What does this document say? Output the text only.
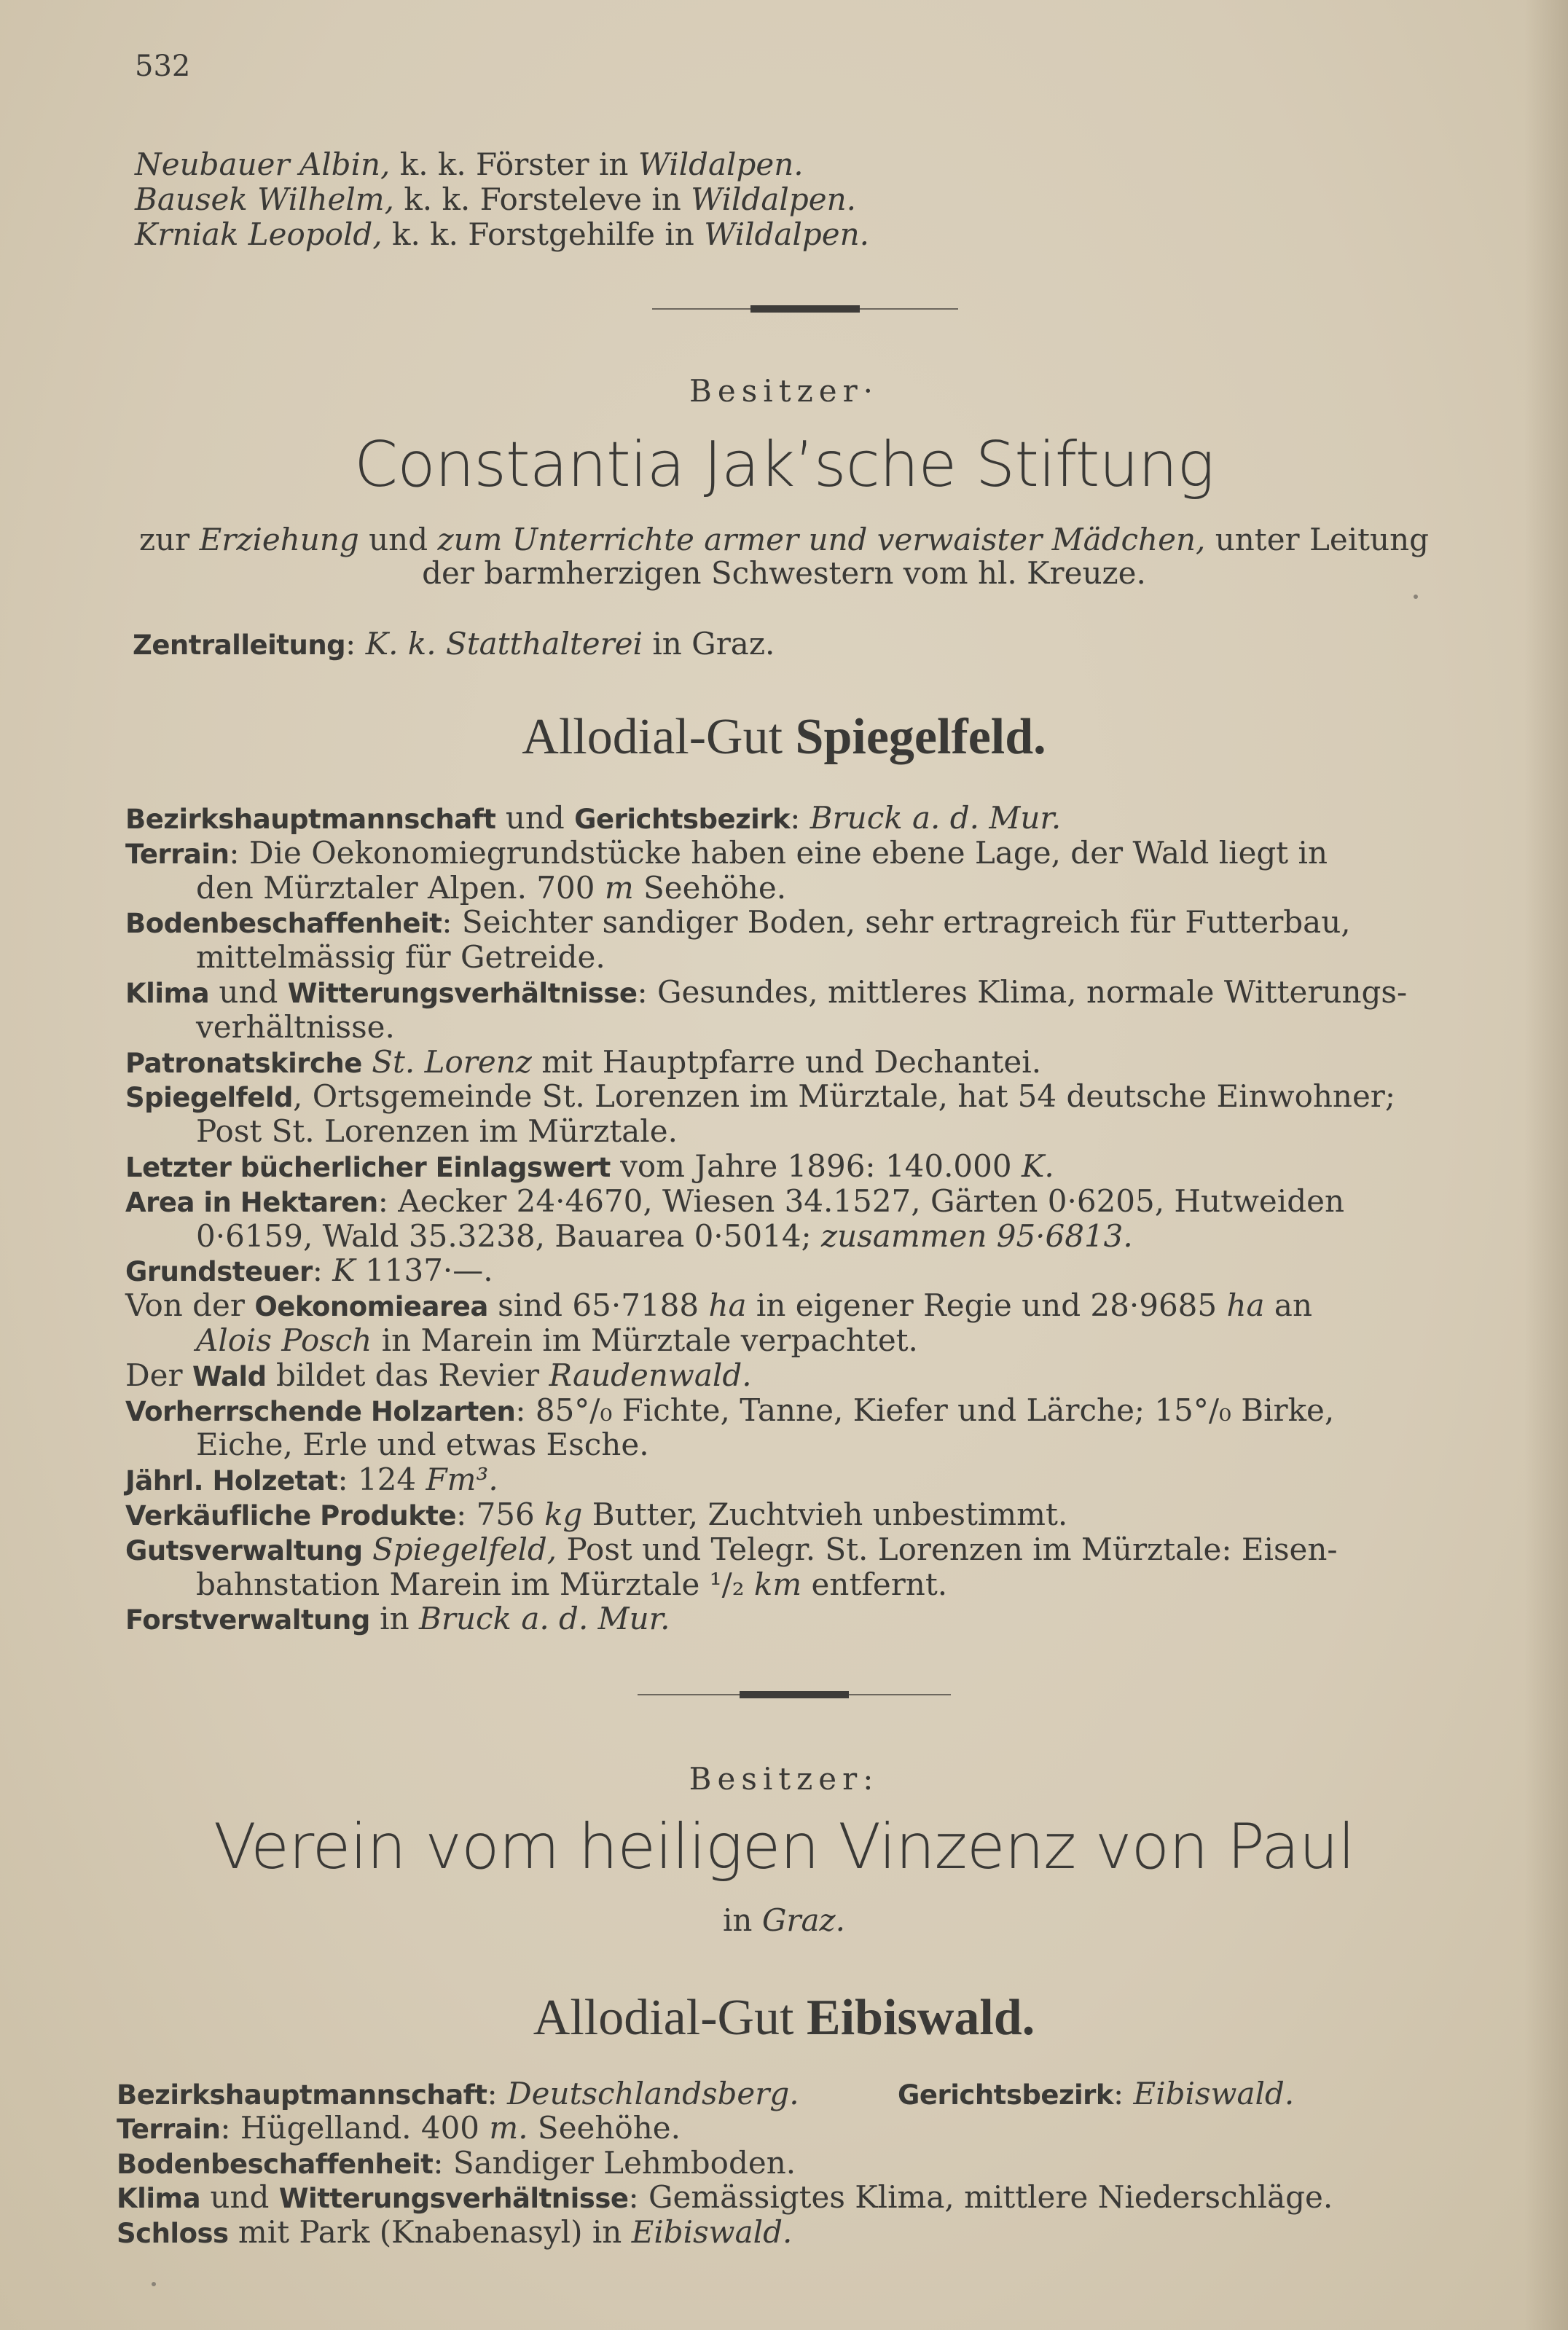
532
Neubauer Albin, k. k. Förster in Wildalpen.
Bausek Wilhelm, k. k. Forsteleve in Wildalpen.
Krniak Leopold, k. k. Forstgehilfe in Wildalpen.
Besitzer·
Constantia Jak’sche Stiftung
zur Erziehung und zum Unterrichte armer und verwaister Mädchen, unter Leitung
der barmherzigen Schwestern vom hl. Kreuze.
Zentralleitung: K. k. Statthalterei in Graz.
Allodial-Gut Spiegelfeld.
Bezirkshauptmannschaft und Gerichtsbezirk: Bruck a. d. Mur.
Terrain: Die Oekonomiegrundstücke haben eine ebene Lage, der Wald liegt in
den Mürztaler Alpen. 700 m Seehöhe.
Bodenbeschaffenheit: Seichter sandiger Boden, sehr ertragreich für Futterbau,
mittelmässig für Getreide.
Klima und Witterungsverhältnisse: Gesundes, mittleres Klima, normale Witterungs-
verhältnisse.
Patronatskirche St. Lorenz mit Hauptpfarre und Dechantei.
Spiegelfeld, Ortsgemeinde St. Lorenzen im Mürztale, hat 54 deutsche Einwohner;
Post St. Lorenzen im Mürztale.
Letzter bücherlicher Einlagswert vom Jahre 1896: 140.000 K.
Area in Hektaren: Aecker 24·4670, Wiesen 34.1527, Gärten 0·6205, Hutweiden
0·6159, Wald 35.3238, Bauarea 0·5014; zusammen 95·6813.
Grundsteuer: K 1137·—.
Von der Oekonomiearea sind 65·7188 ha in eigener Regie und 28·9685 ha an
Alois Posch in Marein im Mürztale verpachtet.
Der Wald bildet das Revier Raudenwald.
Vorherrschende Holzarten: 85°/₀ Fichte, Tanne, Kiefer und Lärche; 15°/₀ Birke,
Eiche, Erle und etwas Esche.
Jährl. Holzetat: 124 Fm³.
Verkäufliche Produkte: 756 kg Butter, Zuchtvieh unbestimmt.
Gutsverwaltung Spiegelfeld, Post und Telegr. St. Lorenzen im Mürztale: Eisen-
bahnstation Marein im Mürztale ¹/₂ km entfernt.
Forstverwaltung in Bruck a. d. Mur.
Besitzer:
Verein vom heiligen Vinzenz von Paul
in Graz.
Allodial-Gut Eibiswald.
Bezirkshauptmannschaft: Deutschlandsberg.	Gerichtsbezirk: Eibiswald.
Terrain: Hügelland. 400 m. Seehöhe.
Bodenbeschaffenheit: Sandiger Lehmboden.
Klima und Witterungsverhältnisse: Gemässigtes Klima, mittlere Niederschläge.
Schloss mit Park (Knabenasyl) in Eibiswald.
